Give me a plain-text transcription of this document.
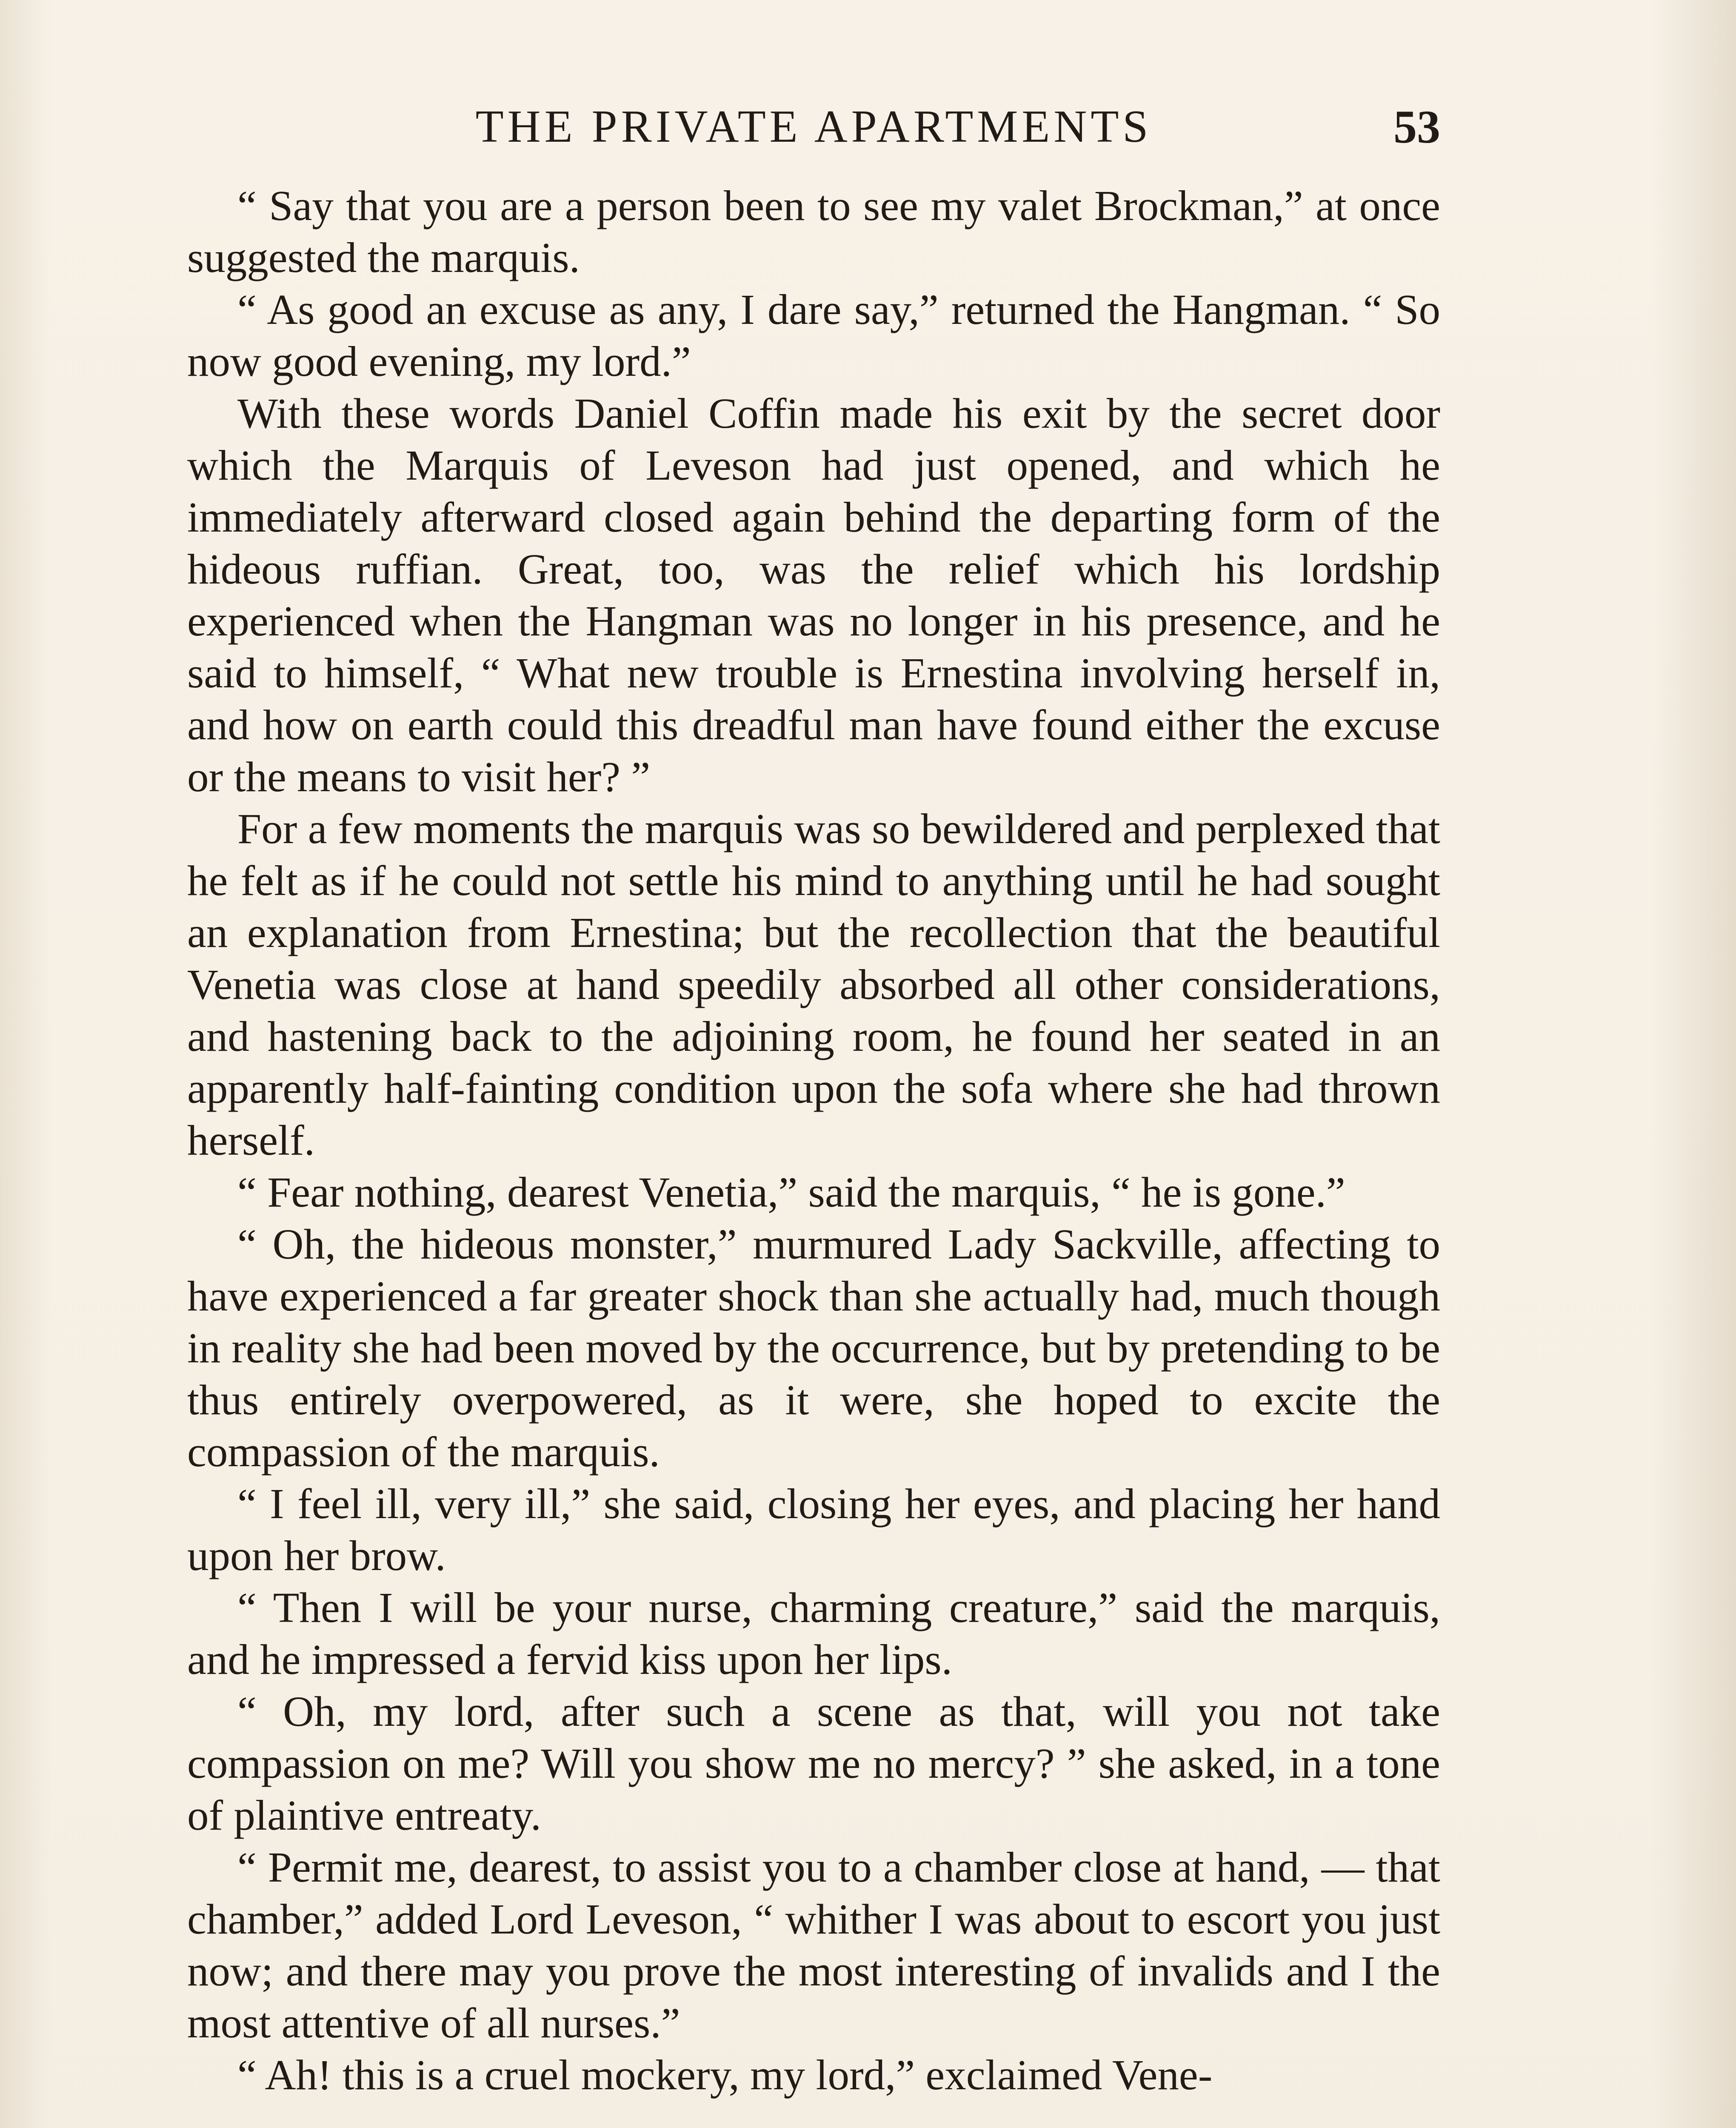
THE PRIVATE APARTMENTS	53

“ Say that you are a person been to see my valet Brockman,” at once suggested the marquis.

“ As good an excuse as any, I dare say,” returned the Hangman. “ So now good evening, my lord.”

With these words Daniel Coffin made his exit by the secret door which the Marquis of Leveson had just opened, and which he immediately afterward closed again behind the departing form of the hideous ruffian. Great, too, was the relief which his lordship experienced when the Hangman was no longer in his presence, and he said to himself, “ What new trouble is Ernestina involving herself in, and how on earth could this dreadful man have found either the excuse or the means to visit her? ”

For a few moments the marquis was so bewildered and perplexed that he felt as if he could not settle his mind to anything until he had sought an explanation from Ernestina; but the recollection that the beautiful Venetia was close at hand speedily absorbed all other considerations, and hastening back to the adjoining room, he found her seated in an apparently half-fainting condition upon the sofa where she had thrown herself.

“ Fear nothing, dearest Venetia,” said the marquis, “ he is gone.”

“ Oh, the hideous monster,” murmured Lady Sackville, affecting to have experienced a far greater shock than she actually had, much though in reality she had been moved by the occurrence, but by pretending to be thus entirely overpowered, as it were, she hoped to excite the compassion of the marquis.

“ I feel ill, very ill,” she said, closing her eyes, and placing her hand upon her brow.

“ Then I will be your nurse, charming creature,” said the marquis, and he impressed a fervid kiss upon her lips.

“ Oh, my lord, after such a scene as that, will you not take compassion on me? Will you show me no mercy? ” she asked, in a tone of plaintive entreaty.

“ Permit me, dearest, to assist you to a chamber close at hand, — that chamber,” added Lord Leveson, “ whither I was about to escort you just now; and there may you prove the most interesting of invalids and I the most attentive of all nurses.”

“ Ah! this is a cruel mockery, my lord,” exclaimed Vene-
